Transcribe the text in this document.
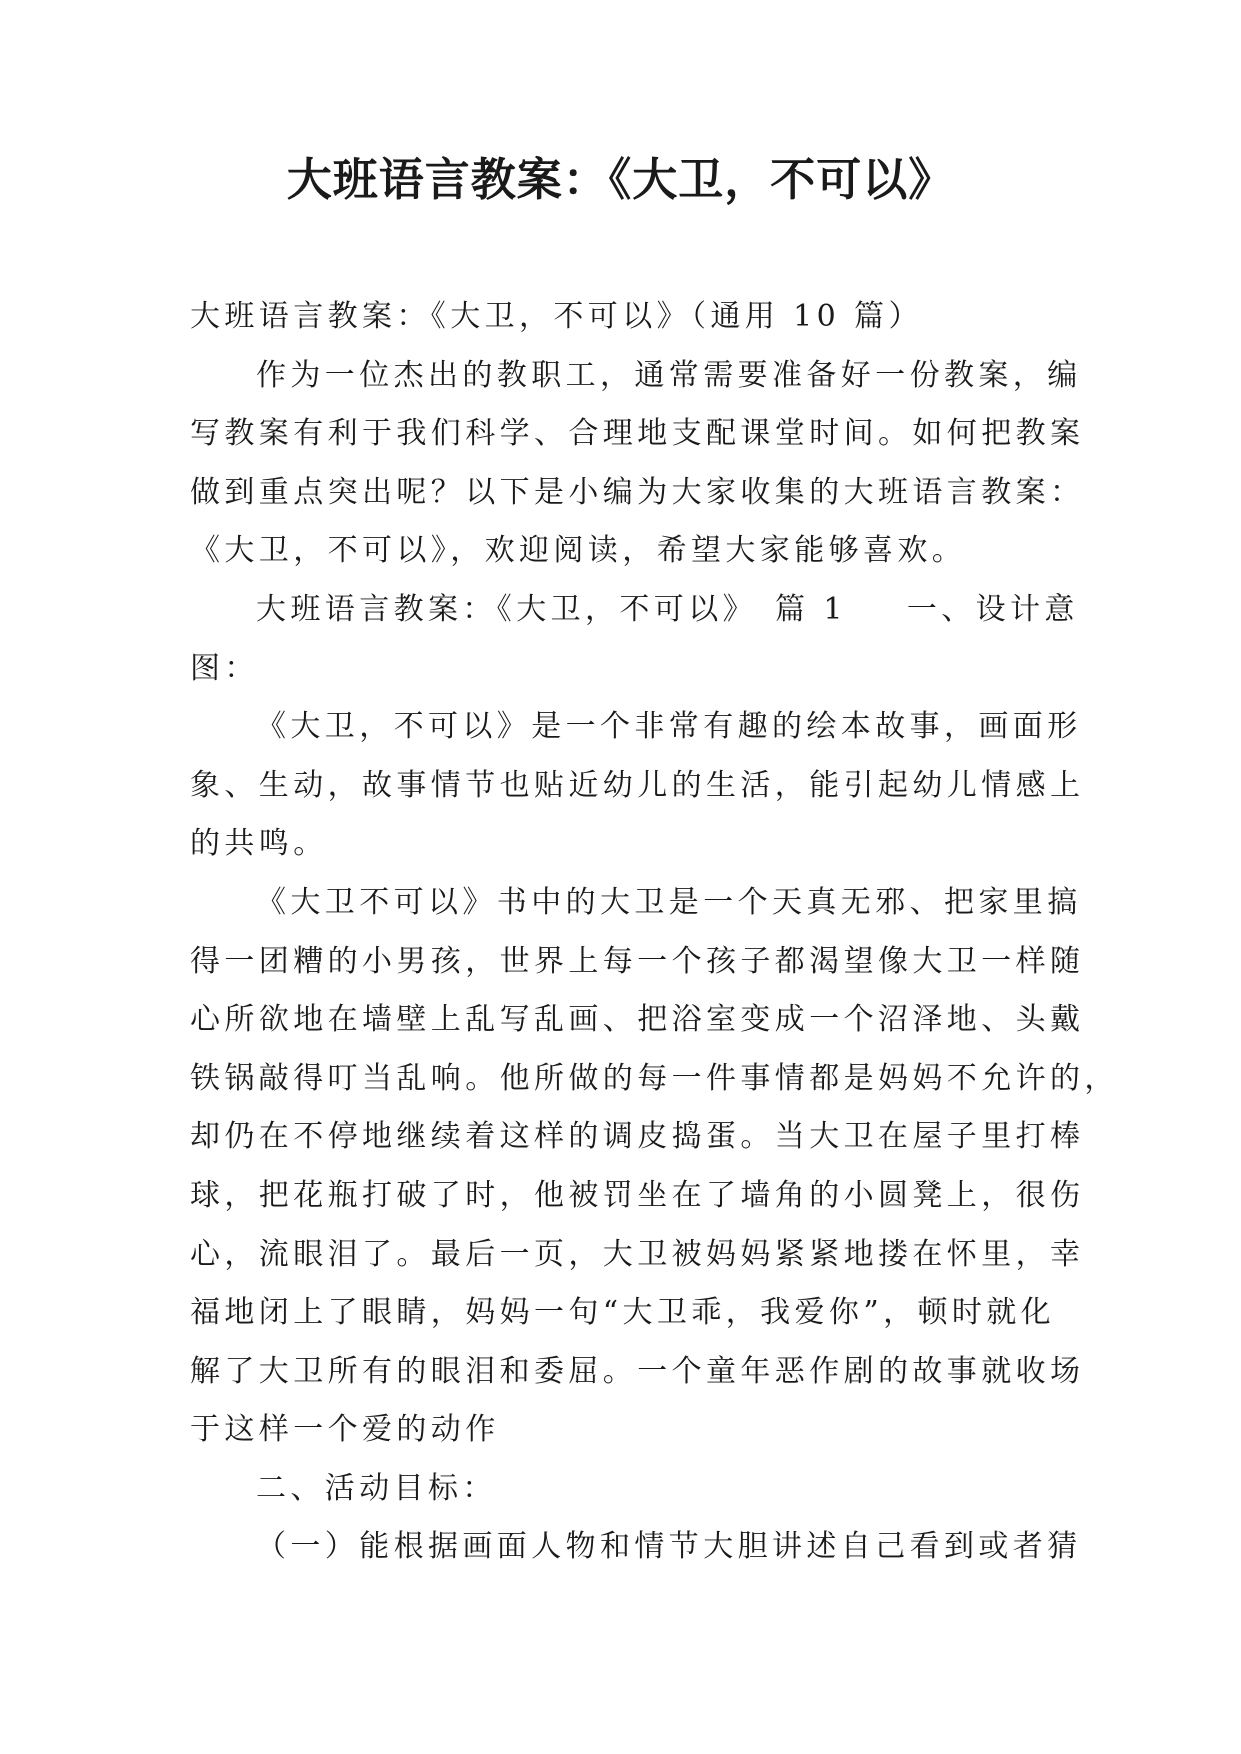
大班语言教案：《大卫，不可以》

大班语言教案：《大卫，不可以》（通用 10 篇）

作为一位杰出的教职工，通常需要准备好一份教案，编

写教案有利于我们科学、合理地支配课堂时间。如何把教案

做到重点突出呢？以下是小编为大家收集的大班语言教案：

《大卫，不可以》，欢迎阅读，希望大家能够喜欢。

大班语言教案：《大卫，不可以》 篇 1 一、设计意

图：

《大卫，不可以》是一个非常有趣的绘本故事，画面形

象、生动，故事情节也贴近幼儿的生活，能引起幼儿情感上

的共鸣。

《大卫不可以》书中的大卫是一个天真无邪、把家里搞

得一团糟的小男孩，世界上每一个孩子都渴望像大卫一样随

心所欲地在墙壁上乱写乱画、把浴室变成一个沼泽地、头戴

铁锅敲得叮当乱响。他所做的每一件事情都是妈妈不允许的，

却仍在不停地继续着这样的调皮捣蛋。当大卫在屋子里打棒

球，把花瓶打破了时，他被罚坐在了墙角的小圆凳上，很伤

心，流眼泪了。最后一页，大卫被妈妈紧紧地搂在怀里，幸

福地闭上了眼睛，妈妈一句“大卫乖，我爱你”，顿时就化

解了大卫所有的眼泪和委屈。一个童年恶作剧的故事就收场

于这样一个爱的动作

二、活动目标：

（一）能根据画面人物和情节大胆讲述自己看到或者猜
